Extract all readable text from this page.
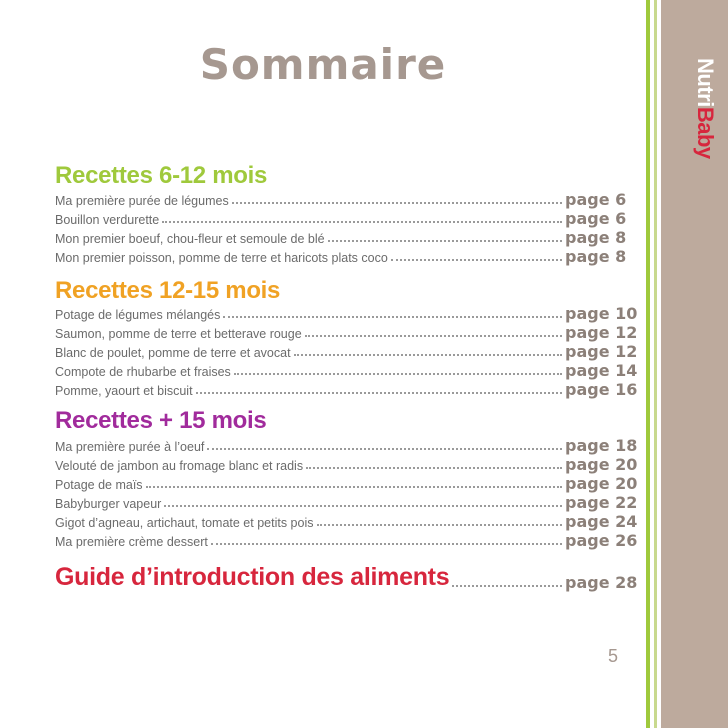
NutriBaby
Sommaire
Recettes 6-12 mois
Ma première purée de légumes	page 6
Bouillon verdurette	page 6
Mon premier boeuf, chou-fleur et semoule de blé	page 8
Mon premier poisson, pomme de terre et haricots plats coco	page 8
Recettes 12-15 mois
Potage de légumes mélangés	page 10
Saumon, pomme de terre et betterave rouge	page 12
Blanc de poulet, pomme de terre et avocat	page 12
Compote de rhubarbe et fraises	page 14
Pomme, yaourt et biscuit	page 16
Recettes + 15 mois
Ma première purée à l’oeuf	page 18
Velouté de jambon au fromage blanc et radis	page 20
Potage de maïs	page 20
Babyburger vapeur	page 22
Gigot d’agneau, artichaut, tomate et petits pois	page 24
Ma première crème dessert	page 26
Guide d’introduction des aliments	page 28
5
